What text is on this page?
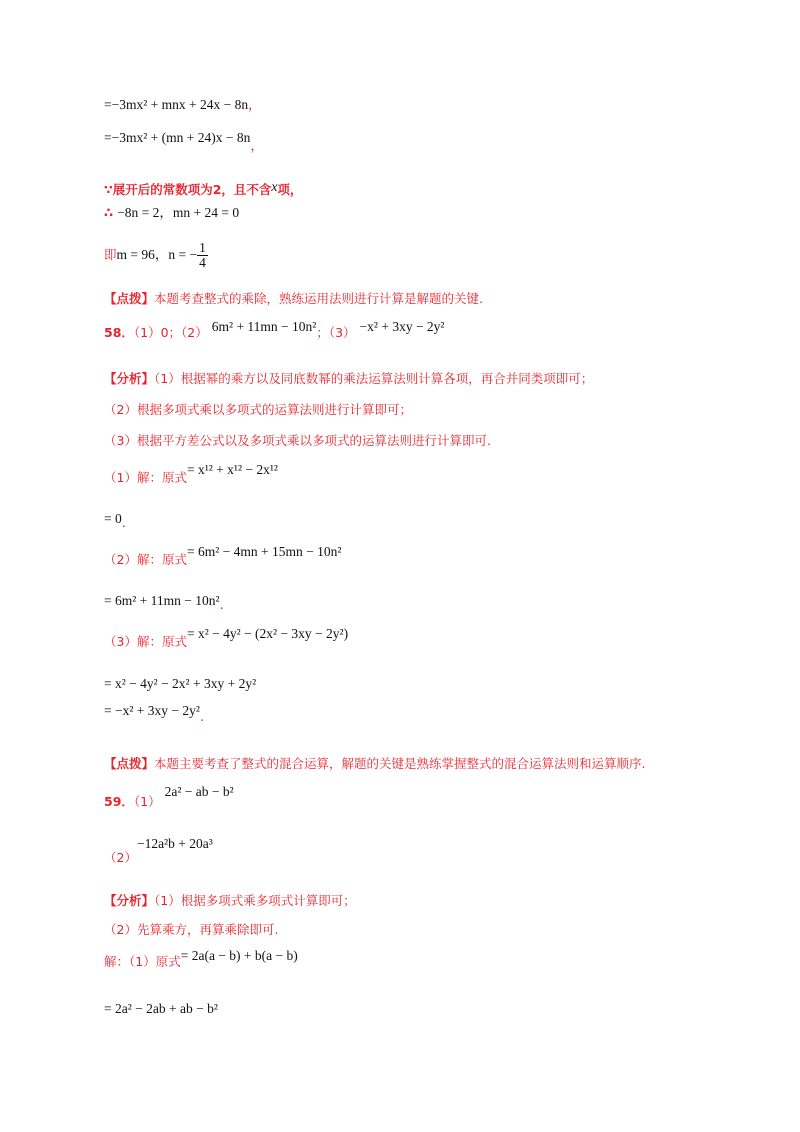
=−3mx² + mnx + 24x − 8n，
=−3mx² + (mn + 24)x − 8n，
∵展开后的常数项为2，且不含x项，
∴ −8n = 2，mn + 24 = 0
即m = 96，n = − $\frac{1}{4}$
【点拨】本题考查整式的乘除，熟练运用法则进行计算是解题的关键.
58．（1）0；（2） 6m² + 11mn − 10n²；（3） −x² + 3xy − 2y²
【分析】（1）根据幂的乘方以及同底数幂的乘法运算法则计算各项，再合并同类项即可；
（2）根据多项式乘以多项式的运算法则进行计算即可；
（3）根据平方差公式以及多项式乘以多项式的运算法则进行计算即可.
（1）解：原式= x¹² + x¹² − 2x¹²
= 0.
（2）解：原式= 6m² − 4mn + 15mn − 10n²
= 6m² + 11mn − 10n².
（3）解：原式= x² − 4y² − (2x² − 3xy − 2y²)
= x² − 4y² − 2x² + 3xy + 2y²
= −x² + 3xy − 2y².
【点拨】本题主要考查了整式的混合运算，解题的关键是熟练掌握整式的混合运算法则和运算顺序.
59．（1）2a² − ab − b²
（2）−12a²b + 20a³
【分析】（1）根据多项式乘多项式计算即可；
（2）先算乘方，再算乘除即可.
解：（1）原式= 2a(a − b) + b(a − b)
= 2a² − 2ab + ab − b²
